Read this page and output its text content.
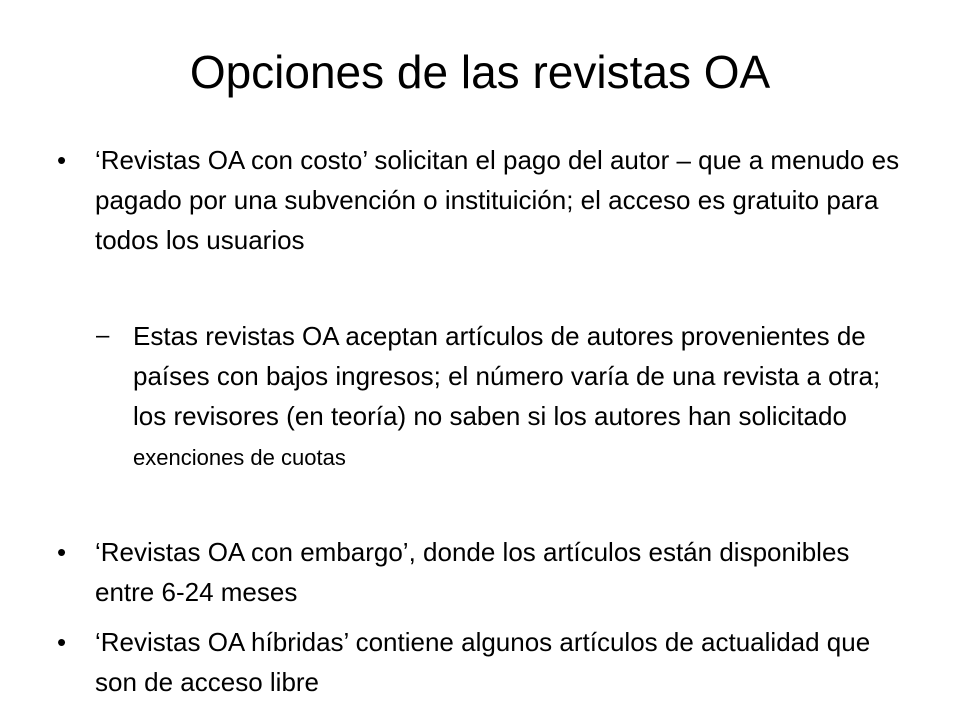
Opciones de las revistas OA
• ‘Revistas OA con costo’ solicitan el pago del autor – que a menudo es pagado por una subvención o instituición; el acceso es gratuito para todos los usuarios
– Estas revistas OA aceptan artículos de autores provenientes de países con bajos ingresos; el número varía de una revista a otra; los revisores (en teoría) no saben si los autores han solicitado exenciones de cuotas
• ‘Revistas OA con embargo’, donde los artículos están disponibles entre 6-24 meses
• ‘Revistas OA híbridas’ contiene algunos artículos de actualidad que son de acceso libre
